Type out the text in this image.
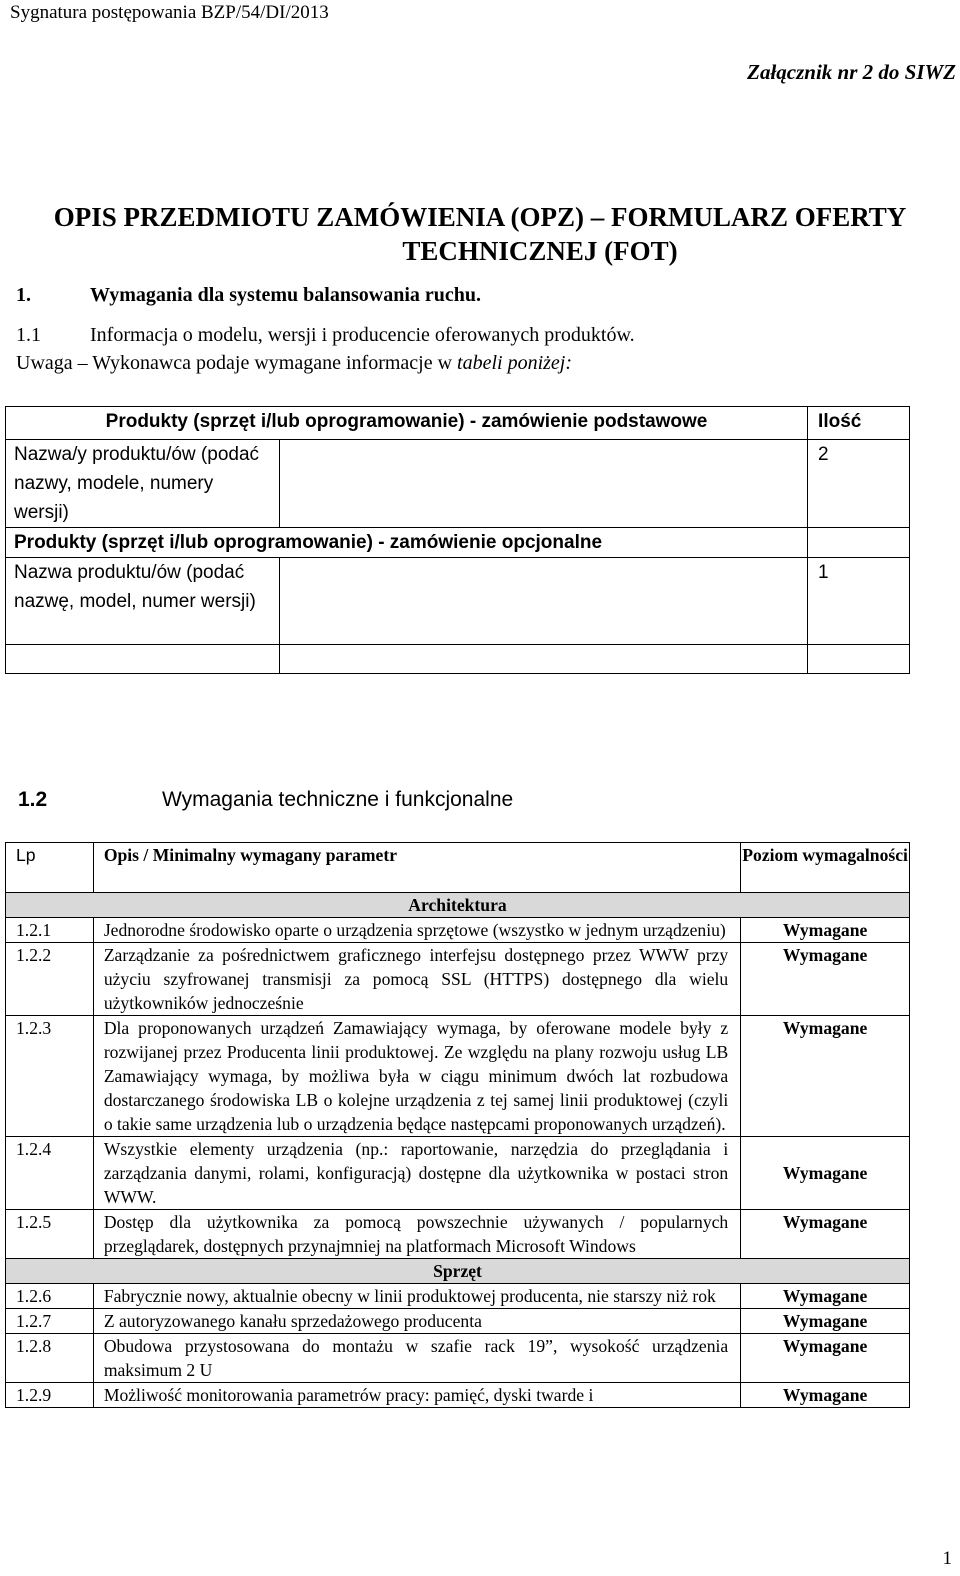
Sygnatura postępowania BZP/54/DI/2013
Załącznik nr 2 do SIWZ
OPIS PRZEDMIOTU ZAMÓWIENIA (OPZ) – FORMULARZ OFERTY
TECHNICZNEJ (FOT)
1.	Wymagania dla systemu balansowania ruchu.
1.1 Informacja o modelu, wersji i producencie oferowanych produktów.
Uwaga – Wykonawca podaje wymagane informacje w tabeli poniżej:
Produkty (sprzęt i/lub oprogramowanie) - zamówienie podstawowe		Ilość
Nazwa/y produktu/ów (podać nazwy, modele, numery wersji)		2
Produkty (sprzęt i/lub oprogramowanie) - zamówienie opcjonalne		
Nazwa produktu/ów (podać nazwę, model, numer wersji)		1

1.2	Wymagania techniczne i funkcjonalne
Lp	Opis / Minimalny wymagany parametr	Poziom wymagalności
Architektura		
1.2.1	Jednorodne środowisko oparte o urządzenia sprzętowe (wszystko w jednym urządzeniu)	Wymagane
1.2.2	Zarządzanie za pośrednictwem graficznego interfejsu dostępnego przez WWW przy użyciu szyfrowanej transmisji za pomocą SSL (HTTPS) dostępnego dla wielu użytkowników jednocześnie	Wymagane
1.2.3	Dla proponowanych urządzeń Zamawiający wymaga, by oferowane modele były z rozwijanej przez Producenta linii produktowej. Ze względu na plany rozwoju usług LB Zamawiający wymaga, by możliwa była w ciągu minimum dwóch lat rozbudowa dostarczanego środowiska LB o kolejne urządzenia z tej samej linii produktowej (czyli o takie same urządzenia lub o urządzenia będące następcami proponowanych urządzeń).	Wymagane
1.2.4	Wszystkie elementy urządzenia (np.: raportowanie, narzędzia do przeglądania i zarządzania danymi, rolami, konfiguracją) dostępne dla użytkownika w postaci stron WWW.	Wymagane
1.2.5	Dostęp dla użytkownika za pomocą powszechnie używanych / popularnych przeglądarek, dostępnych przynajmniej na platformach Microsoft Windows	Wymagane
Sprzęt		
1.2.6	Fabrycznie nowy, aktualnie obecny w linii produktowej producenta, nie starszy niż rok	Wymagane
1.2.7	Z autoryzowanego kanału sprzedażowego producenta	Wymagane
1.2.8	Obudowa przystosowana do montażu w szafie rack 19”, wysokość urządzenia maksimum 2 U	Wymagane
1.2.9	Możliwość monitorowania parametrów pracy: pamięć, dyski twarde i	Wymagane
1
